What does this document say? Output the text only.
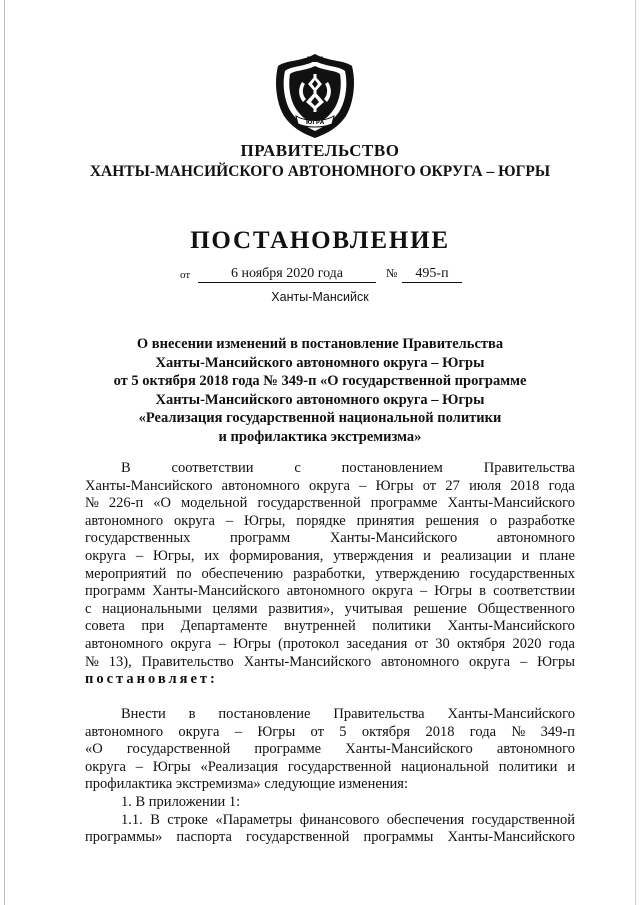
ЮГРА
ПРАВИТЕЛЬСТВО
ХАНТЫ-МАНСИЙСКОГО АВТОНОМНОГО ОКРУГА – ЮГРЫ
ПОСТАНОВЛЕНИЕ
от	6 ноября 2020 года	№	495-п
Ханты-Мансийск
О внесении изменений в постановление Правительства
Ханты-Мансийского автономного округа – Югры
от 5 октября 2018 года № 349-п «О государственной программе
Ханты-Мансийского автономного округа – Югры
«Реализация государственной национальной политики
и профилактика экстремизма»
В	соответствии	с	постановлением	Правительства
Ханты-Мансийского автономного округа – Югры от 27 июля 2018 года
№ 226-п «О модельной государственной программе Ханты-Мансийского
автономного округа – Югры, порядке принятия решения о разработке
государственных	программ	Ханты-Мансийского	автономного
округа – Югры, их формирования, утверждения и реализации и плане
мероприятий по обеспечению разработки, утверждению государственных
программ Ханты-Мансийского автономного округа – Югры в соответствии
с национальными целями развития», учитывая решение Общественного
совета при Департаменте внутренней политики Ханты-Мансийского
автономного округа – Югры (протокол заседания от 30 октября 2020 года
№ 13), Правительство Ханты-Мансийского автономного округа – Югры
постановляет:
Внести в постановление Правительства Ханты-Мансийского
автономного округа – Югры от 5 октября 2018 года № 349-п
«О государственной программе Ханты-Мансийского автономного
округа – Югры «Реализация государственной национальной политики и
профилактика экстремизма» следующие изменения:
1. В приложении 1:
1.1. В строке «Параметры финансового обеспечения государственной
программы» паспорта государственной программы Ханты-Мансийского
